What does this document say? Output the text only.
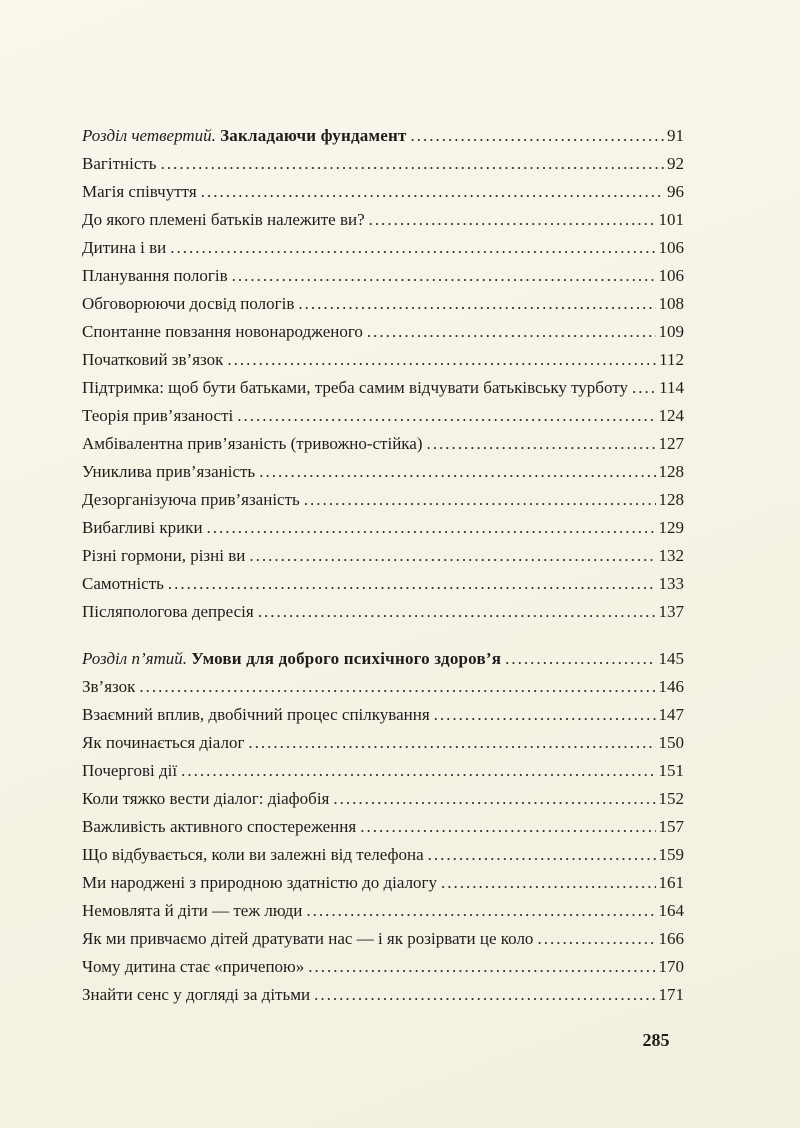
Розділ четвертий. Закладаючи фундамент .....	91
Вагітність .....	92
Магія співчуття .....	96
До якого племені батьків належите ви? .....	101
Дитина і ви .....	106
Планування пологів .....	106
Обговорюючи досвід пологів .....	108
Спонтанне повзання новонародженого .....	109
Початковий зв’язок .....	112
Підтримка: щоб бути батьками, треба самим відчувати батьківську турботу ..... 114
Теорія прив’язаності .....	124
Амбівалентна прив’язаність (тривожно-стійка) .....	127
Униклива прив’язаність .....	128
Дезорганізуюча прив’язаність .....	128
Вибагливі крики .....	129
Різні гормони, різні ви .....	132
Самотність .....	133
Післяпологова депресія .....	137
Розділ п’ятий. Умови для доброго психічного здоров’я .....	145
Зв’язок .....	146
Взаємний вплив, двобічний процес спілкування .....	147
Як починається діалог .....	150
Почергові дії .....	151
Коли тяжко вести діалог: діафобія .....	152
Важливість активного спостереження .....	157
Що відбувається, коли ви залежні від телефона .....	159
Ми народжені з природною здатністю до діалогу .....	161
Немовлята й діти — теж люди .....	164
Як ми привчаємо дітей дратувати нас — і як розірвати це коло .....	166
Чому дитина стає «причепою» .....	170
Знайти сенс у догляді за дітьми .....	171
285
